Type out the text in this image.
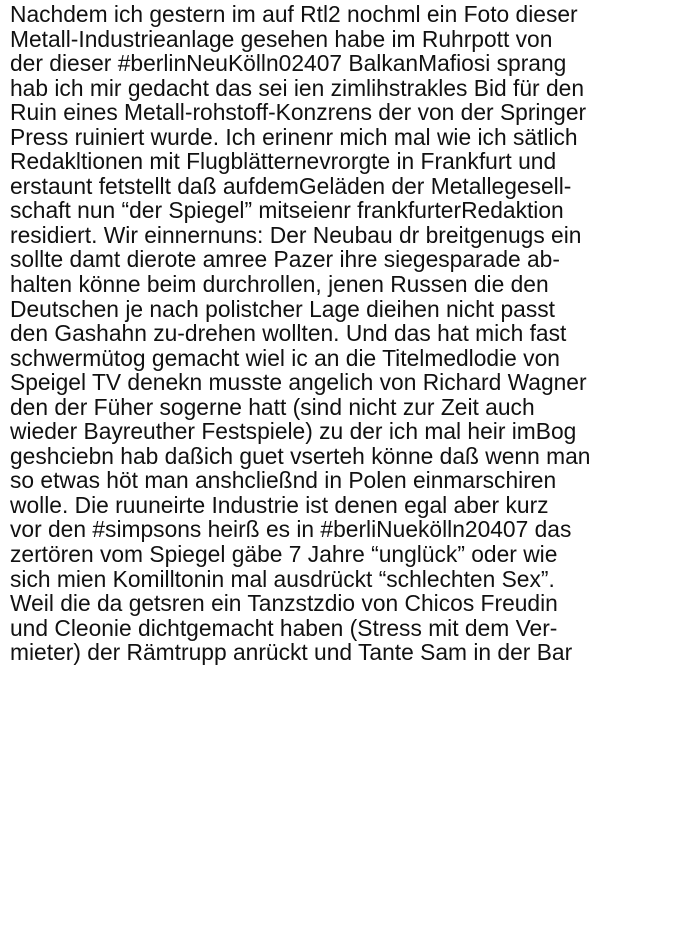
Nachdem ich gestern im auf Rtl2 nochml ein Foto dieser
Metall-Industrieanlage gesehen habe im Ruhrpott von
der dieser #berlinNeuKölln02407 BalkanMafiosi sprang
hab ich mir gedacht das sei ien zimlihstrakles Bid für den
Ruin eines Metall-rohstoff-Konzrens der von der Springer
Press ruiniert wurde. Ich erinenr mich mal wie ich sätlich
Redakltionen mit Flugblätternevrorgte in Frankfurt und
erstaunt fetstellt daß aufdemGeläden der Metallegesell-
schaft nun “der Spiegel” mitseienr frankfurterRedaktion
residiert. Wir einnernuns: Der Neubau dr breitgenugs ein
sollte damt dierote amree Pazer ihre siegesparade ab-
halten könne beim durchrollen, jenen Russen die den
Deutschen je nach polistcher Lage dieihen nicht passt
den Gashahn zu-drehen wollten. Und das hat mich fast
schwermütog gemacht wiel ic an die Titelmedlodie von
Speigel TV denekn musste angelich von Richard Wagner
den der Füher sogerne hatt (sind nicht zur Zeit auch
wieder Bayreuther Festspiele) zu der ich mal heir imBog
geshciebn hab daßich guet vserteh könne daß wenn man
so etwas höt man anshcließnd in Polen einmarschiren
wolle. Die ruuneirte Industrie ist denen egal aber kurz
vor den #simpsons heirß es in #berliNuekölln20407 das
zertören vom Spiegel gäbe 7 Jahre “unglück” oder wie
sich mien Komilltonin mal ausdrückt “schlechten Sex”.
Weil die da getsren ein Tanzstzdio von Chicos Freudin
und Cleonie dichtgemacht haben (Stress mit dem Ver-
mieter) der Rämtrupp anrückt und Tante Sam in der Bar
